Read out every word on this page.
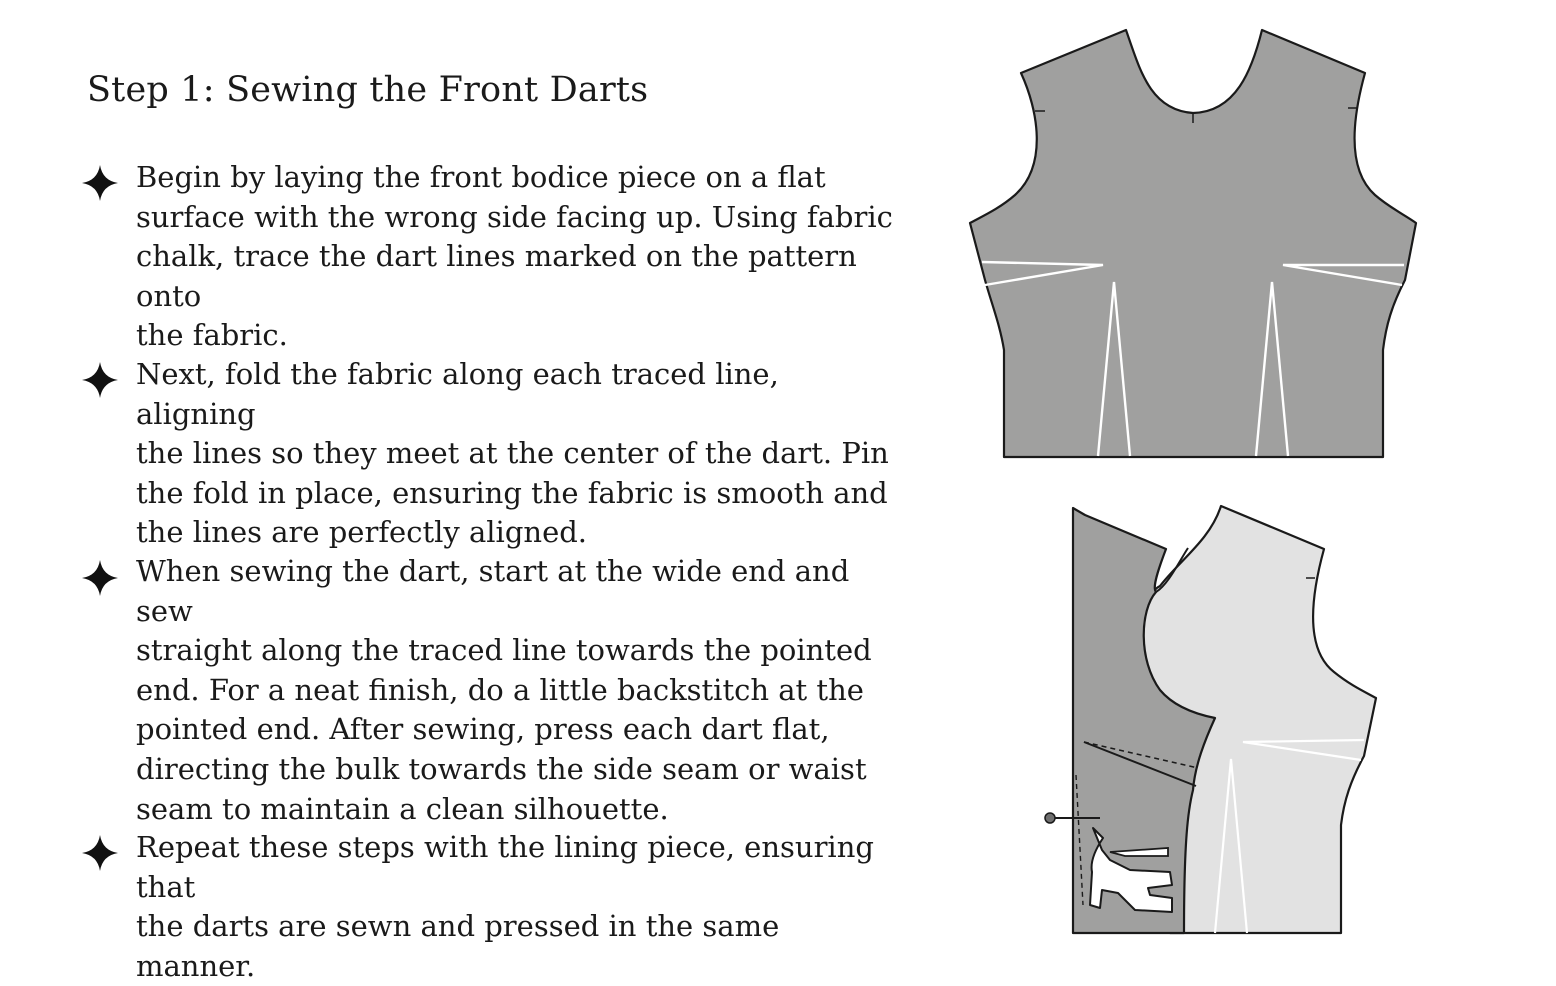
Step 1: Sewing the Front Darts

Begin by laying the front bodice piece on a flat
surface with the wrong side facing up. Using fabric
chalk, trace the dart lines marked on the pattern onto
the fabric.

Next, fold the fabric along each traced line, aligning
the lines so they meet at the center of the dart. Pin
the fold in place, ensuring the fabric is smooth and
the lines are perfectly aligned.

When sewing the dart, start at the wide end and sew
straight along the traced line towards the pointed
end. For a neat finish, do a little backstitch at the
pointed end. After sewing, press each dart flat,
directing the bulk towards the side seam or waist
seam to maintain a clean silhouette.

Repeat these steps with the lining piece, ensuring that
the darts are sewn and pressed in the same manner.
